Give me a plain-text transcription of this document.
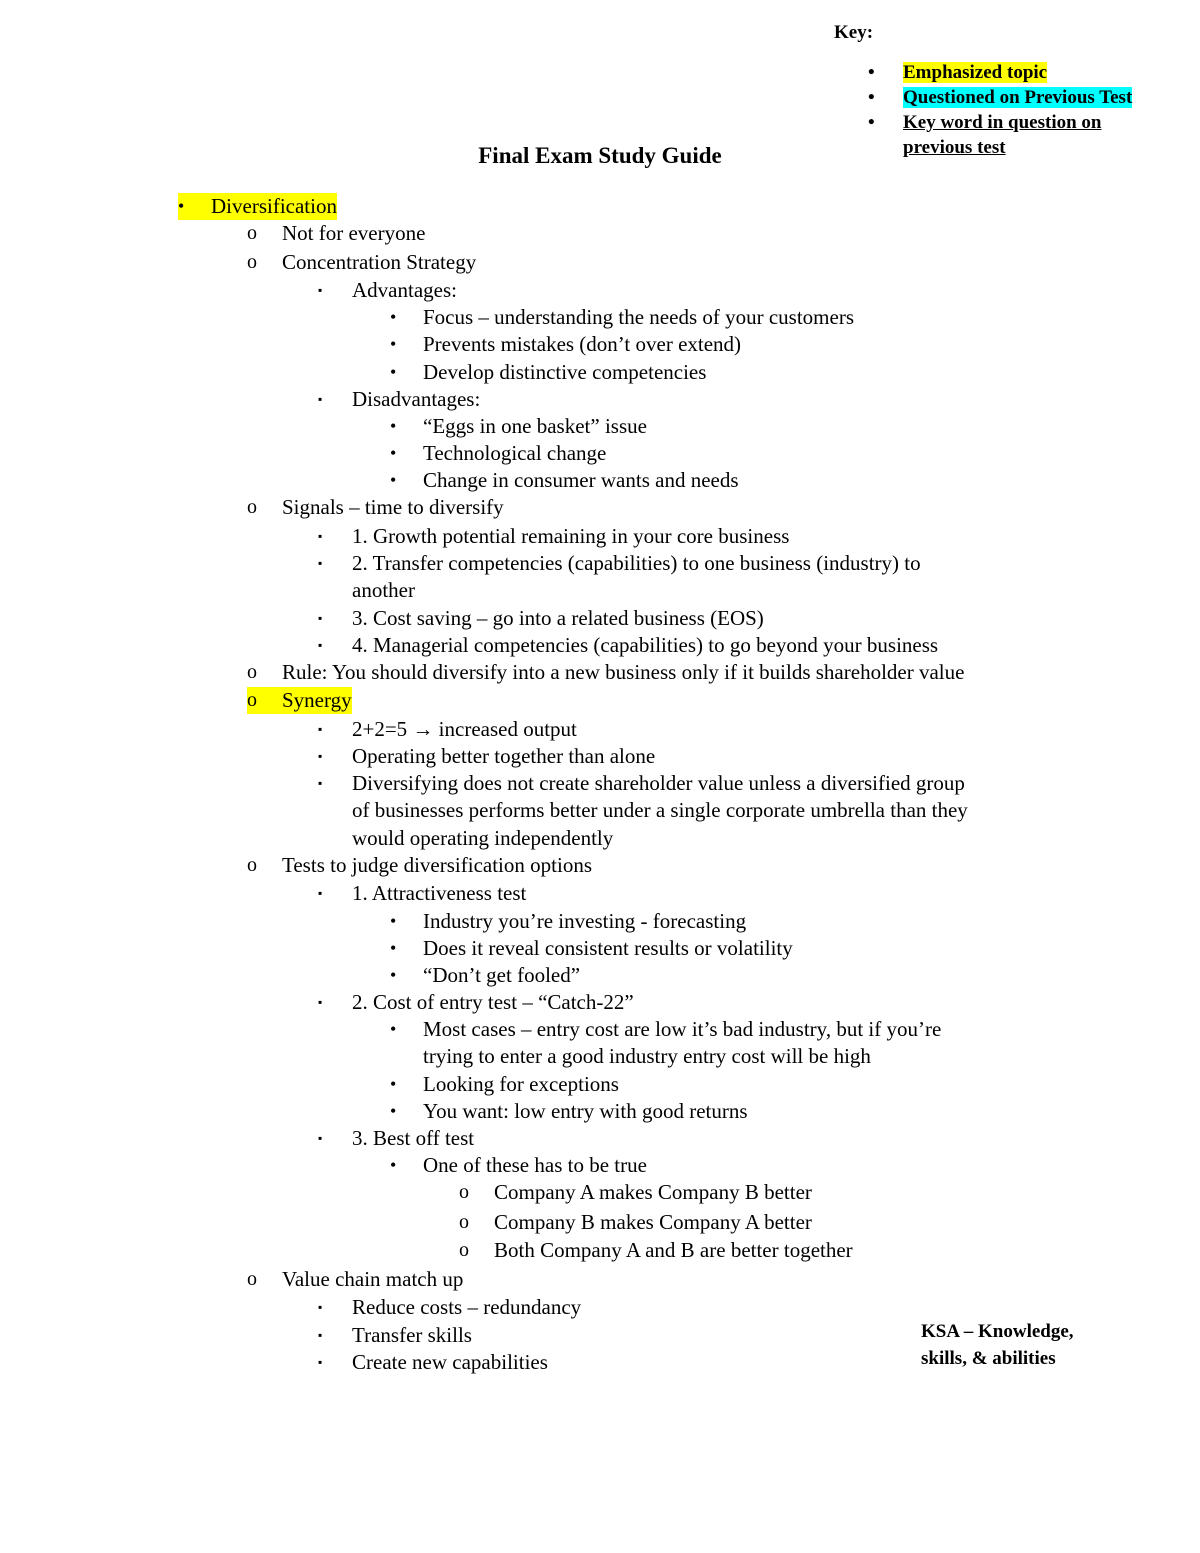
Key:
• Emphasized topic
• Questioned on Previous Test
• Key word in question on
previous test
Final Exam Study Guide
•	Diversification
o Not for everyone
o Concentration Strategy
▪ Advantages:
• Focus – understanding the needs of your customers
• Prevents mistakes (don’t over extend)
• Develop distinctive competencies
▪ Disadvantages:
• “Eggs in one basket” issue
• Technological change
• Change in consumer wants and needs
o Signals – time to diversify
▪ 1. Growth potential remaining in your core business
▪ 2. Transfer competencies (capabilities) to one business (industry) to
another
▪ 3. Cost saving – go into a related business (EOS)
▪ 4. Managerial competencies (capabilities) to go beyond your business
o Rule: You should diversify into a new business only if it builds shareholder value
o	Synergy
▪ 2+2=5 → increased output
▪ Operating better together than alone
▪ Diversifying does not create shareholder value unless a diversified group
of businesses performs better under a single corporate umbrella than they
would operating independently
o Tests to judge diversification options
▪ 1. Attractiveness test
• Industry you’re investing - forecasting
• Does it reveal consistent results or volatility
• “Don’t get fooled”
▪ 2. Cost of entry test – “Catch-22”
• Most cases – entry cost are low it’s bad industry, but if you’re
trying to enter a good industry entry cost will be high
• Looking for exceptions
• You want: low entry with good returns
▪ 3. Best off test
• One of these has to be true
o Company A makes Company B better
o Company B makes Company A better
o Both Company A and B are better together
o Value chain match up
▪ Reduce costs – redundancy
▪ Transfer skills
▪ Create new capabilities
KSA – Knowledge,
skills, & abilities
